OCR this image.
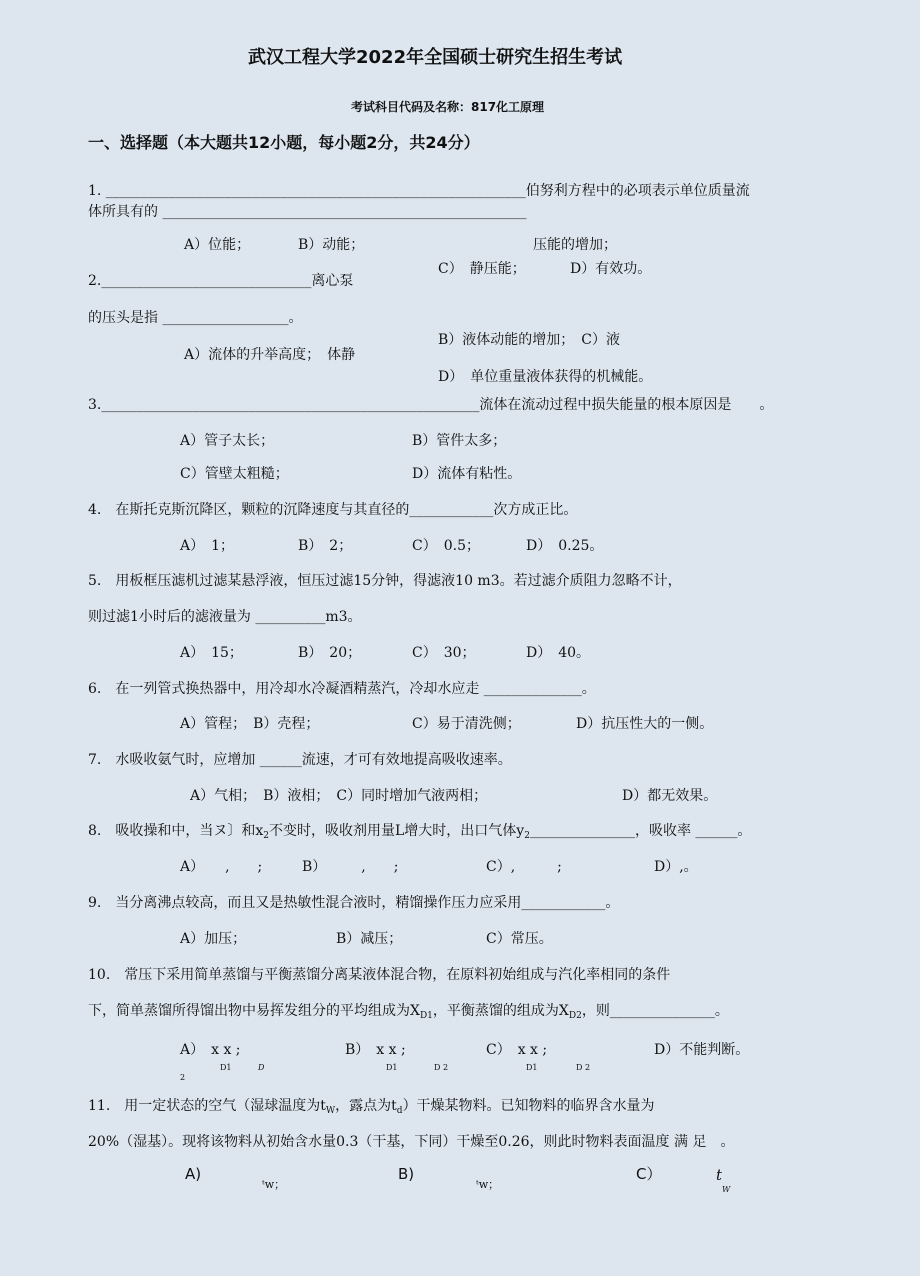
武汉工程大学2022年全国硕士研究生招生考试
考试科目代码及名称：817化工原理
一、选择题（本大题共12小题，每小题2分，共24分）
1. ____________________________________________________________伯努利方程中的必项表示单位质量流
体所具有的 ____________________________________________________
A）位能；	B）动能；	压能的增加；
C）　静压能；	D）有效功。
2.______________________________离心泵
的压头是指 __________________。
B）液体动能的增加；　C）液
A）流体的升举高度；　体静
D）　单位重量液体获得的机械能。
3.______________________________________________________流体在流动过程中损失能量的根本原因是　　。
A）管子太长；	B）管件太多；
C）管壁太粗糙；	D）流体有粘性。
4.　在斯托克斯沉降区，颗粒的沉降速度与其直径的____________次方成正比。
A）　1；	B）　2；	C）　0.5；	D）　0.25。
5.　用板框压滤机过滤某悬浮液，恒压过滤15分钟，得滤液10 m3。若过滤介质阻力忽略不计，
则过滤1小时后的滤液量为 __________m3。
A）　15；	B）　20；	C）　30；	D）　40。
6.　在一列管式换热器中，用冷却水冷凝酒精蒸汽，冷却水应走 ______________。
A）管程；　B）壳程；	C）易于清洗侧；	D）抗压性大的一侧。
7.　水吸收氨气时，应增加 ______流速，才可有效地提高吸收速率。
A）气相；　B）液相；　C）同时增加气液两相；	D）都无效果。
8.　吸收操和中，当ヌ〕和$x_2$不变时，吸收剂用量L增大时，出口气体$y_2\_\_\_\_\_\_\_\_\_\_\_\_\_\_\_$，吸收率 ______。
A）　　,　　;	B）　　　,　　;	C）,　　　;	D）,。
9.　当分离沸点较高，而且又是热敏性混合液时，精馏操作压力应采用____________。
A）加压；	B）减压；	C）常压。
10.　常压下采用简单蒸馏与平衡蒸馏分离某液体混合物，在原料初始组成与汽化率相同的条件
下，简单蒸馏所得馏出物中易挥发组分的平均组成为$X_{D1}$，平衡蒸馏的组成为$X_{D2}$，则_______________。
A）　x x ;
D1	D
2
B）　x x ;
D1	D 2
C）　x x ;
D1	D 2
D）不能判断。
11.　用一定状态的空气（湿球温度为$t_W$，露点为$t_d$）干燥某物料。已知物料的临界含水量为
20%（湿基）。现将该物料从初始含水量0.3（干基，下同）干燥至0.26，则此时物料表面温度 满 足　。
A)
ᵗw；
B)
ᵗw；
C）	t
W
